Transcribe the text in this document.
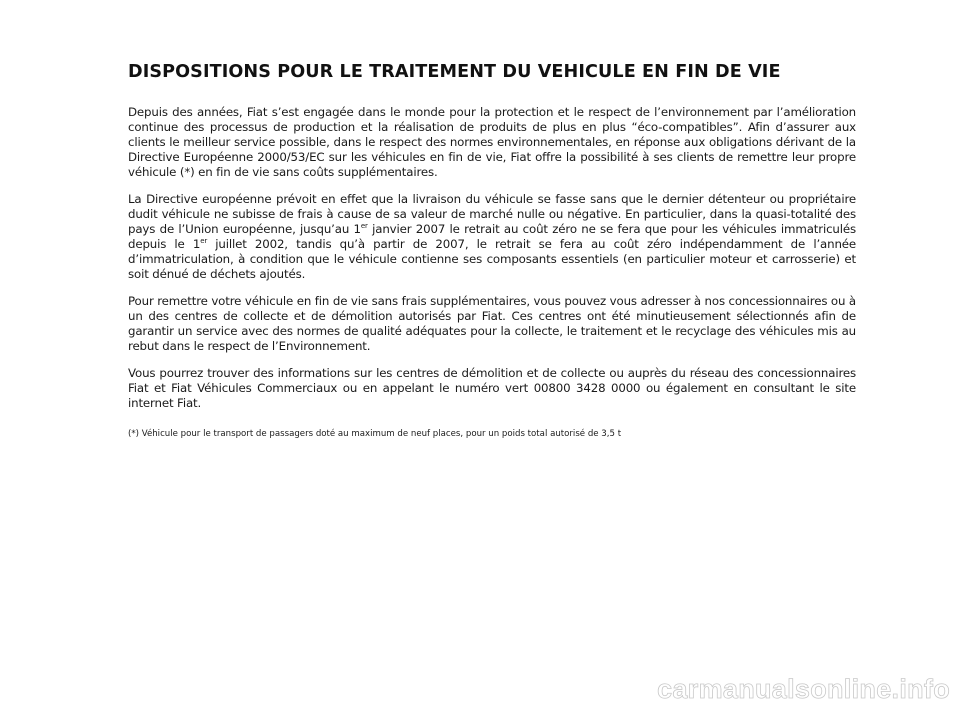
DISPOSITIONS POUR LE TRAITEMENT DU VEHICULE EN FIN DE VIE

Depuis des années, Fiat s’est engagée dans le monde pour la protection et le respect de l’environnement par l’amélioration continue des processus de production et la réalisation de produits de plus en plus “éco-compatibles”. Afin d’assurer aux clients le meilleur service possible, dans le respect des normes environnementales, en réponse aux obligations dérivant de la Directive Européenne 2000/53/EC sur les véhicules en fin de vie, Fiat offre la possibilité à ses clients de remettre leur propre véhicule (*) en fin de vie sans coûts supplémentaires.

La Directive européenne prévoit en effet que la livraison du véhicule se fasse sans que le dernier détenteur ou propriétaire dudit véhicule ne subisse de frais à cause de sa valeur de marché nulle ou négative. En particulier, dans la quasi-totalité des pays de l’Union européenne, jusqu’au 1er janvier 2007 le retrait au coût zéro ne se fera que pour les véhicules immatriculés depuis le 1er juillet 2002, tandis qu’à partir de 2007, le retrait se fera au coût zéro indépendamment de l’année d’immatriculation, à condition que le véhicule contienne ses composants essentiels (en particulier moteur et carrosserie) et soit dénué de déchets ajoutés.

Pour remettre votre véhicule en fin de vie sans frais supplémentaires, vous pouvez vous adresser à nos concessionnaires ou à un des centres de collecte et de démolition autorisés par Fiat. Ces centres ont été minutieusement sélectionnés afin de garantir un service avec des normes de qualité adéquates pour la collecte, le traitement et le recyclage des véhicules mis au rebut dans le respect de l’Environnement.

Vous pourrez trouver des informations sur les centres de démolition et de collecte ou auprès du réseau des concessionnaires Fiat et Fiat Véhicules Commerciaux ou en appelant le numéro vert 00800 3428 0000 ou également en consultant le site internet Fiat.

(*) Véhicule pour le transport de passagers doté au maximum de neuf places, pour un poids total autorisé de 3,5 t

carmanualsonline.info
